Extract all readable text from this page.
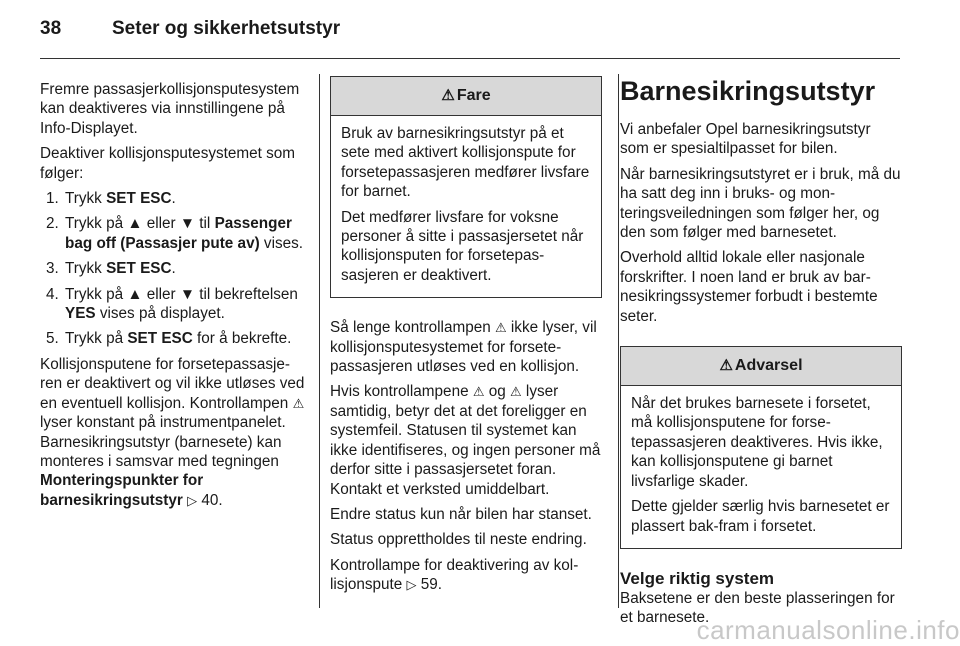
38	Seter og sikkerhetsutstyr

Fremre passasjerkollisjonsputesystem kan deaktiveres via innstillingene på Info-Displayet.

Deaktiver kollisjonsputesystemet som følger:

1. Trykk SET ESC.
2. Trykk på ▲ eller ▼ til Passenger bag off (Passasjer pute av) vises.
3. Trykk SET ESC.
4. Trykk på ▲ eller ▼ til bekreftelsen YES vises på displayet.
5. Trykk på SET ESC for å bekrefte.

Kollisjonsputene for forsetepassasjeren er deaktivert og vil ikke utløses ved en eventuell kollisjon. Kontrollampen ⚠ lyser konstant på instrumentpanelet. Barnesikringsutstyr (barnesete) kan monteres i samsvar med tegningen Monteringspunkter for barnesikringsutstyr ▷ 40.

⚠ Fare

Bruk av barnesikringsutstyr på et sete med aktivert kollisjonspute for forsetepassasjeren medfører livsfare for barnet.

Det medfører livsfare for voksne personer å sitte i passasjersetet når kollisjonsputen for forsetepassasjeren er deaktivert.

Så lenge kontrollampen ⚠ ikke lyser, vil kollisjonsputesystemet for forsetepassasjeren utløses ved en kollisjon.

Hvis kontrollampene ⚠ og ⚠ lyser samtidig, betyr det at det foreligger en systemfeil. Statusen til systemet kan ikke identifiseres, og ingen personer må derfor sitte i passasjersetet foran. Kontakt et verksted umiddelbart.

Endre status kun når bilen har stanset.

Status opprettholdes til neste endring.

Kontrollampe for deaktivering av kollisjonspute ▷ 59.

Barnesikringsutstyr

Vi anbefaler Opel barnesikringsutstyr som er spesialtilpasset for bilen.

Når barnesikringsutstyret er i bruk, må du ha satt deg inn i bruks- og monteringsveiledningen som følger her, og den som følger med barnesetet.

Overhold alltid lokale eller nasjonale forskrifter. I noen land er bruk av barnesikringssystemer forbudt i bestemte seter.

⚠ Advarsel

Når det brukes barnesete i forsetet, må kollisjonsputene for forsetepassasjeren deaktiveres. Hvis ikke, kan kollisjonsputene gi barnet livsfarlige skader.

Dette gjelder særlig hvis barnesetet er plassert bak-fram i forsetet.

Velge riktig system

Baksetene er den beste plasseringen for et barnesete.

carmanualsonline.info
